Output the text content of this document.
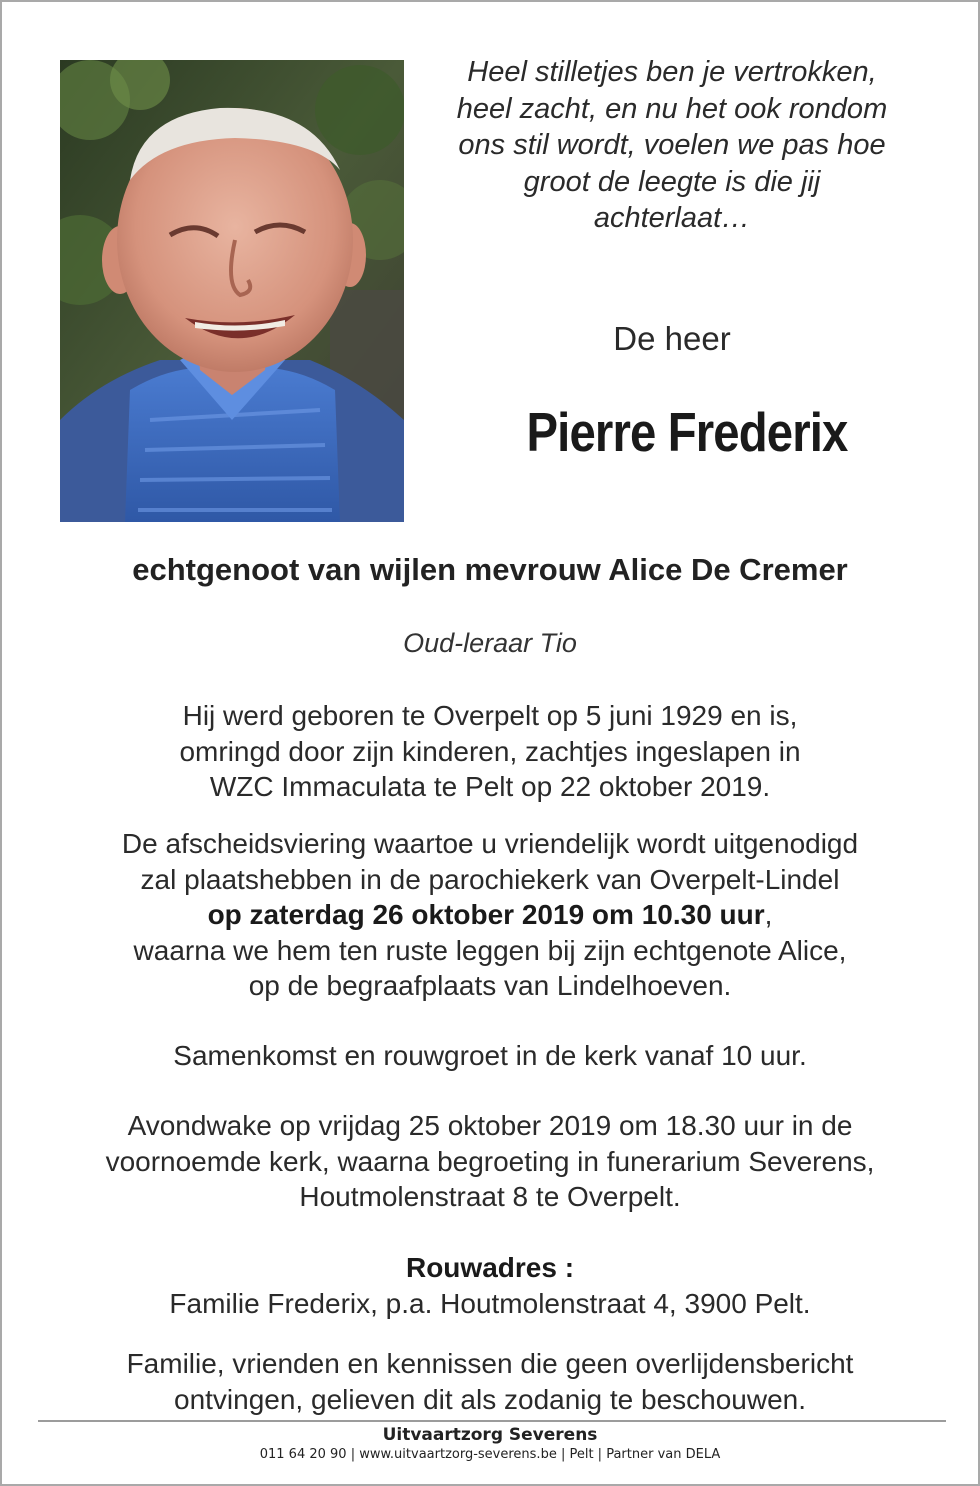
Heel stilletjes ben je vertrokken,
heel zacht, en nu het ook rondom
ons stil wordt, voelen we pas hoe
groot de leegte is die jij
achterlaat…
De heer
Pierre Frederix
echtgenoot van wijlen mevrouw Alice De Cremer
Oud-leraar Tio
Hij werd geboren te Overpelt op 5 juni 1929 en is,
omringd door zijn kinderen, zachtjes ingeslapen in
WZC Immaculata te Pelt op 22 oktober 2019.
De afscheidsviering waartoe u vriendelijk wordt uitgenodigd
zal plaatshebben in de parochiekerk van Overpelt-Lindel
op zaterdag 26 oktober 2019 om 10.30 uur,
waarna we hem ten ruste leggen bij zijn echtgenote Alice,
op de begraafplaats van Lindelhoeven.
Samenkomst en rouwgroet in de kerk vanaf 10 uur.
Avondwake op vrijdag 25 oktober 2019 om 18.30 uur in de
voornoemde kerk, waarna begroeting in funerarium Severens,
Houtmolenstraat 8 te Overpelt.
Rouwadres :
Familie Frederix, p.a. Houtmolenstraat 4, 3900 Pelt.
Familie, vrienden en kennissen die geen overlijdensbericht
ontvingen, gelieven dit als zodanig te beschouwen.
Uitvaartzorg Severens
011 64 20 90 | www.uitvaartzorg-severens.be | Pelt | Partner van DELA
